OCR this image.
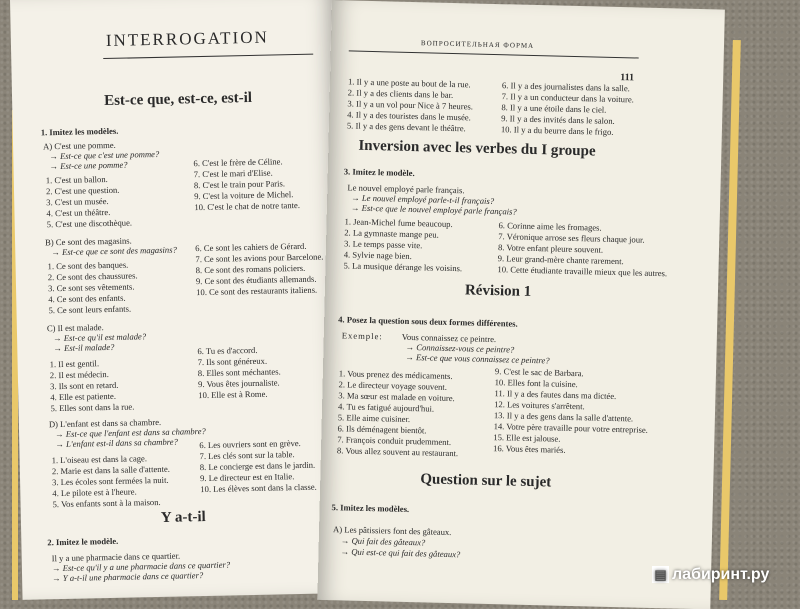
INTERROGATION
Est-ce que, est-ce, est-il
1. Imitez les modèles.
A) C'est une pomme.
→ Est-ce que c'est une pomme?
→ Est-ce une pomme?
1. C'est un ballon.
2. C'est une question.
3. C'est un musée.
4. C'est un théâtre.
5. C'est une discothèque.
6. C'est le frère de Céline.
7. C'est le mari d'Elise.
8. C'est le train pour Paris.
9. C'est la voiture de Michel.
10. C'est le chat de notre tante.
B) Ce sont des magasins.
→ Est-ce que ce sont des magasins?
1. Ce sont des banques.
2. Ce sont des chaussures.
3. Ce sont ses vêtements.
4. Ce sont des enfants.
5. Ce sont leurs enfants.
6. Ce sont les cahiers de Gérard.
7. Ce sont les avions pour Barcelone.
8. Ce sont des romans policiers.
9. Ce sont des étudiants allemands.
10. Ce sont des restaurants italiens.
C) Il est malade.
→ Est-ce qu'il est malade?
→ Est-il malade?
1. Il est gentil.
2. Il est médecin.
3. Ils sont en retard.
4. Elle est patiente.
5. Elles sont dans la rue.
6. Tu es d'accord.
7. Ils sont généreux.
8. Elles sont méchantes.
9. Vous êtes journaliste.
10. Elle est à Rome.
D) L'enfant est dans sa chambre.
→ Est-ce que l'enfant est dans sa chambre?
→ L'enfant est-il dans sa chambre?
1. L'oiseau est dans la cage.
2. Marie est dans la salle d'attente.
3. Les écoles sont fermées la nuit.
4. Le pilote est à l'heure.
5. Vos enfants sont à la maison.
6. Les ouvriers sont en grève.
7. Les clés sont sur la table.
8. Le concierge est dans le jardin.
9. Le directeur est en Italie.
10. Les élèves sont dans la classe.
Y a-t-il
2. Imitez le modèle.
Il y a une pharmacie dans ce quartier.
→ Est-ce qu'il y a une pharmacie dans ce quartier?
→ Y a-t-il une pharmacie dans ce quartier?
ВОПРОСИТЕЛЬНАЯ ФОРМА
111
1. Il y a une poste au bout de la rue.
2. Il y a des clients dans le bar.
3. Il y a un vol pour Nice à 7 heures.
4. Il y a des touristes dans le musée.
5. Il y a des gens devant le théâtre.
6. Il y a des journalistes dans la salle.
7. Il y a un conducteur dans la voiture.
8. Il y a une étoile dans le ciel.
9. Il y a des invités dans le salon.
10. Il y a du beurre dans le frigo.
Inversion avec les verbes du I groupe
3. Imitez le modèle.
Le nouvel employé parle français.
→ Le nouvel employé parle-t-il français?
→ Est-ce que le nouvel employé parle français?
1. Jean-Michel fume beaucoup.
2. La gymnaste mange peu.
3. Le temps passe vite.
4. Sylvie nage bien.
5. La musique dérange les voisins.
6. Corinne aime les fromages.
7. Véronique arrose ses fleurs chaque jour.
8. Votre enfant pleure souvent.
9. Leur grand-mère chante rarement.
10. Cette étudiante travaille mieux que les autres.
Révision 1
4. Posez la question sous deux formes différentes.
Exemple: Vous connaissez ce peintre.
→ Connaissez-vous ce peintre?
→ Est-ce que vous connaissez ce peintre?
1. Vous prenez des médicaments.
2. Le directeur voyage souvent.
3. Ma sœur est malade en voiture.
4. Tu es fatigué aujourd'hui.
5. Elle aime cuisiner.
6. Ils déménagent bientôt.
7. François conduit prudemment.
8. Vous allez souvent au restaurant.
9. C'est le sac de Barbara.
10. Elles font la cuisine.
11. Il y a des fautes dans ma dictée.
12. Les voitures s'arrêtent.
13. Il y a des gens dans la salle d'attente.
14. Votre père travaille pour votre entreprise.
15. Elle est jalouse.
16. Vous êtes mariés.
Question sur le sujet
5. Imitez les modèles.
A) Les pâtissiers font des gâteaux.
→ Qui fait des gâteaux?
→ Qui est-ce qui fait des gâteaux?
▤ лабиринт.ру
